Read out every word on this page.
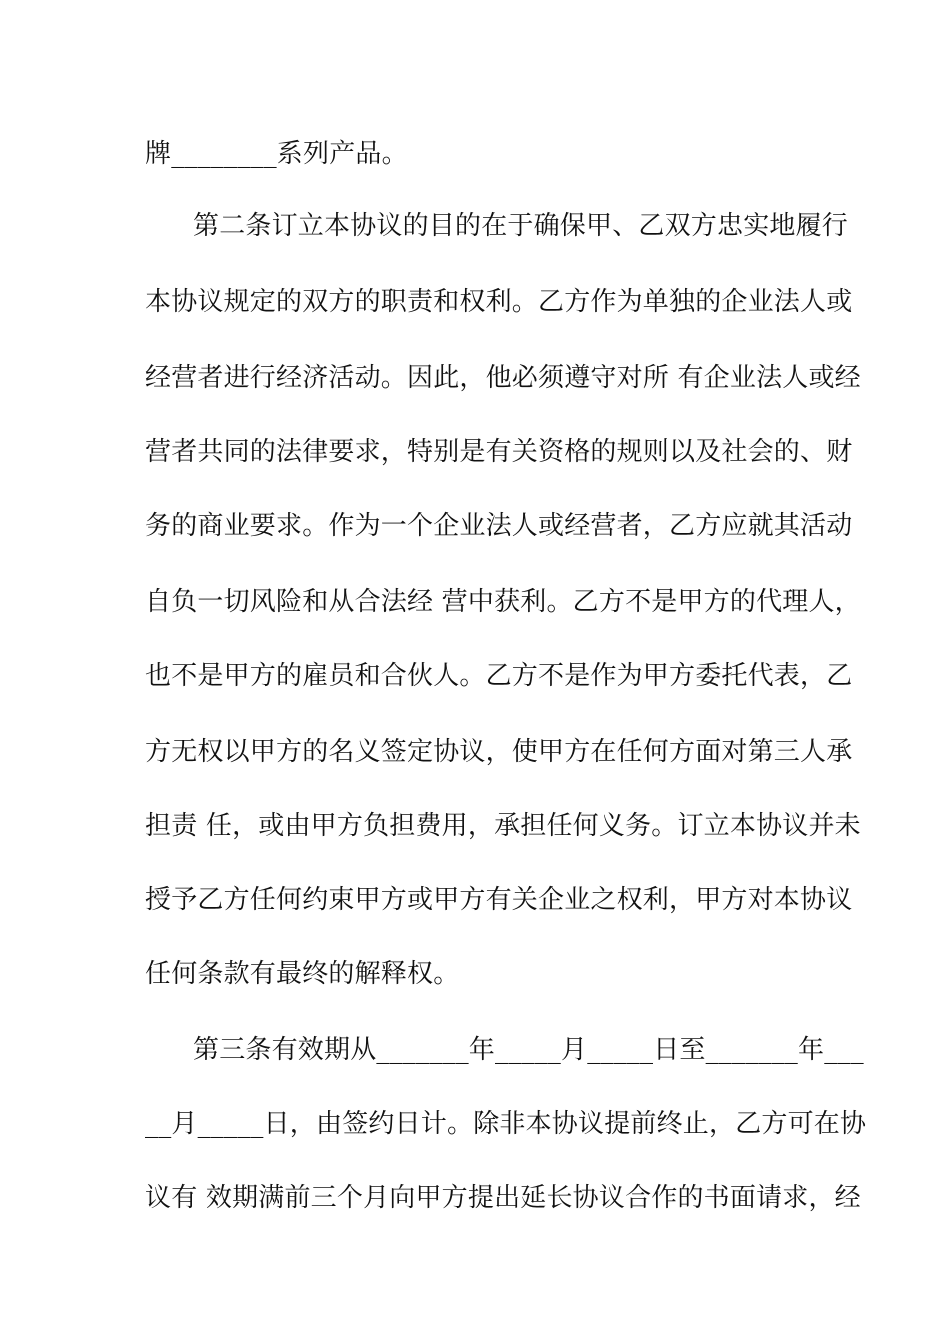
牌________系列产品。
第二条订立本协议的目的在于确保甲、乙双方忠实地履行
本协议规定的双方的职责和权利。乙方作为单独的企业法人或
经营者进行经济活动。因此，他必须遵守对所 有企业法人或经
营者共同的法律要求，特别是有关资格的规则以及社会的、财
务的商业要求。作为一个企业法人或经营者，乙方应就其活动
自负一切风险和从合法经 营中获利。乙方不是甲方的代理人，
也不是甲方的雇员和合伙人。乙方不是作为甲方委托代表，乙
方无权以甲方的名义签定协议，使甲方在任何方面对第三人承
担责 任，或由甲方负担费用，承担任何义务。订立本协议并未
授予乙方任何约束甲方或甲方有关企业之权利，甲方对本协议
任何条款有最终的解释权。
第三条有效期从_______年_____月_____日至_______年___
__月_____日，由签约日计。除非本协议提前终止，乙方可在协
议有 效期满前三个月向甲方提出延长协议合作的书面请求，经
